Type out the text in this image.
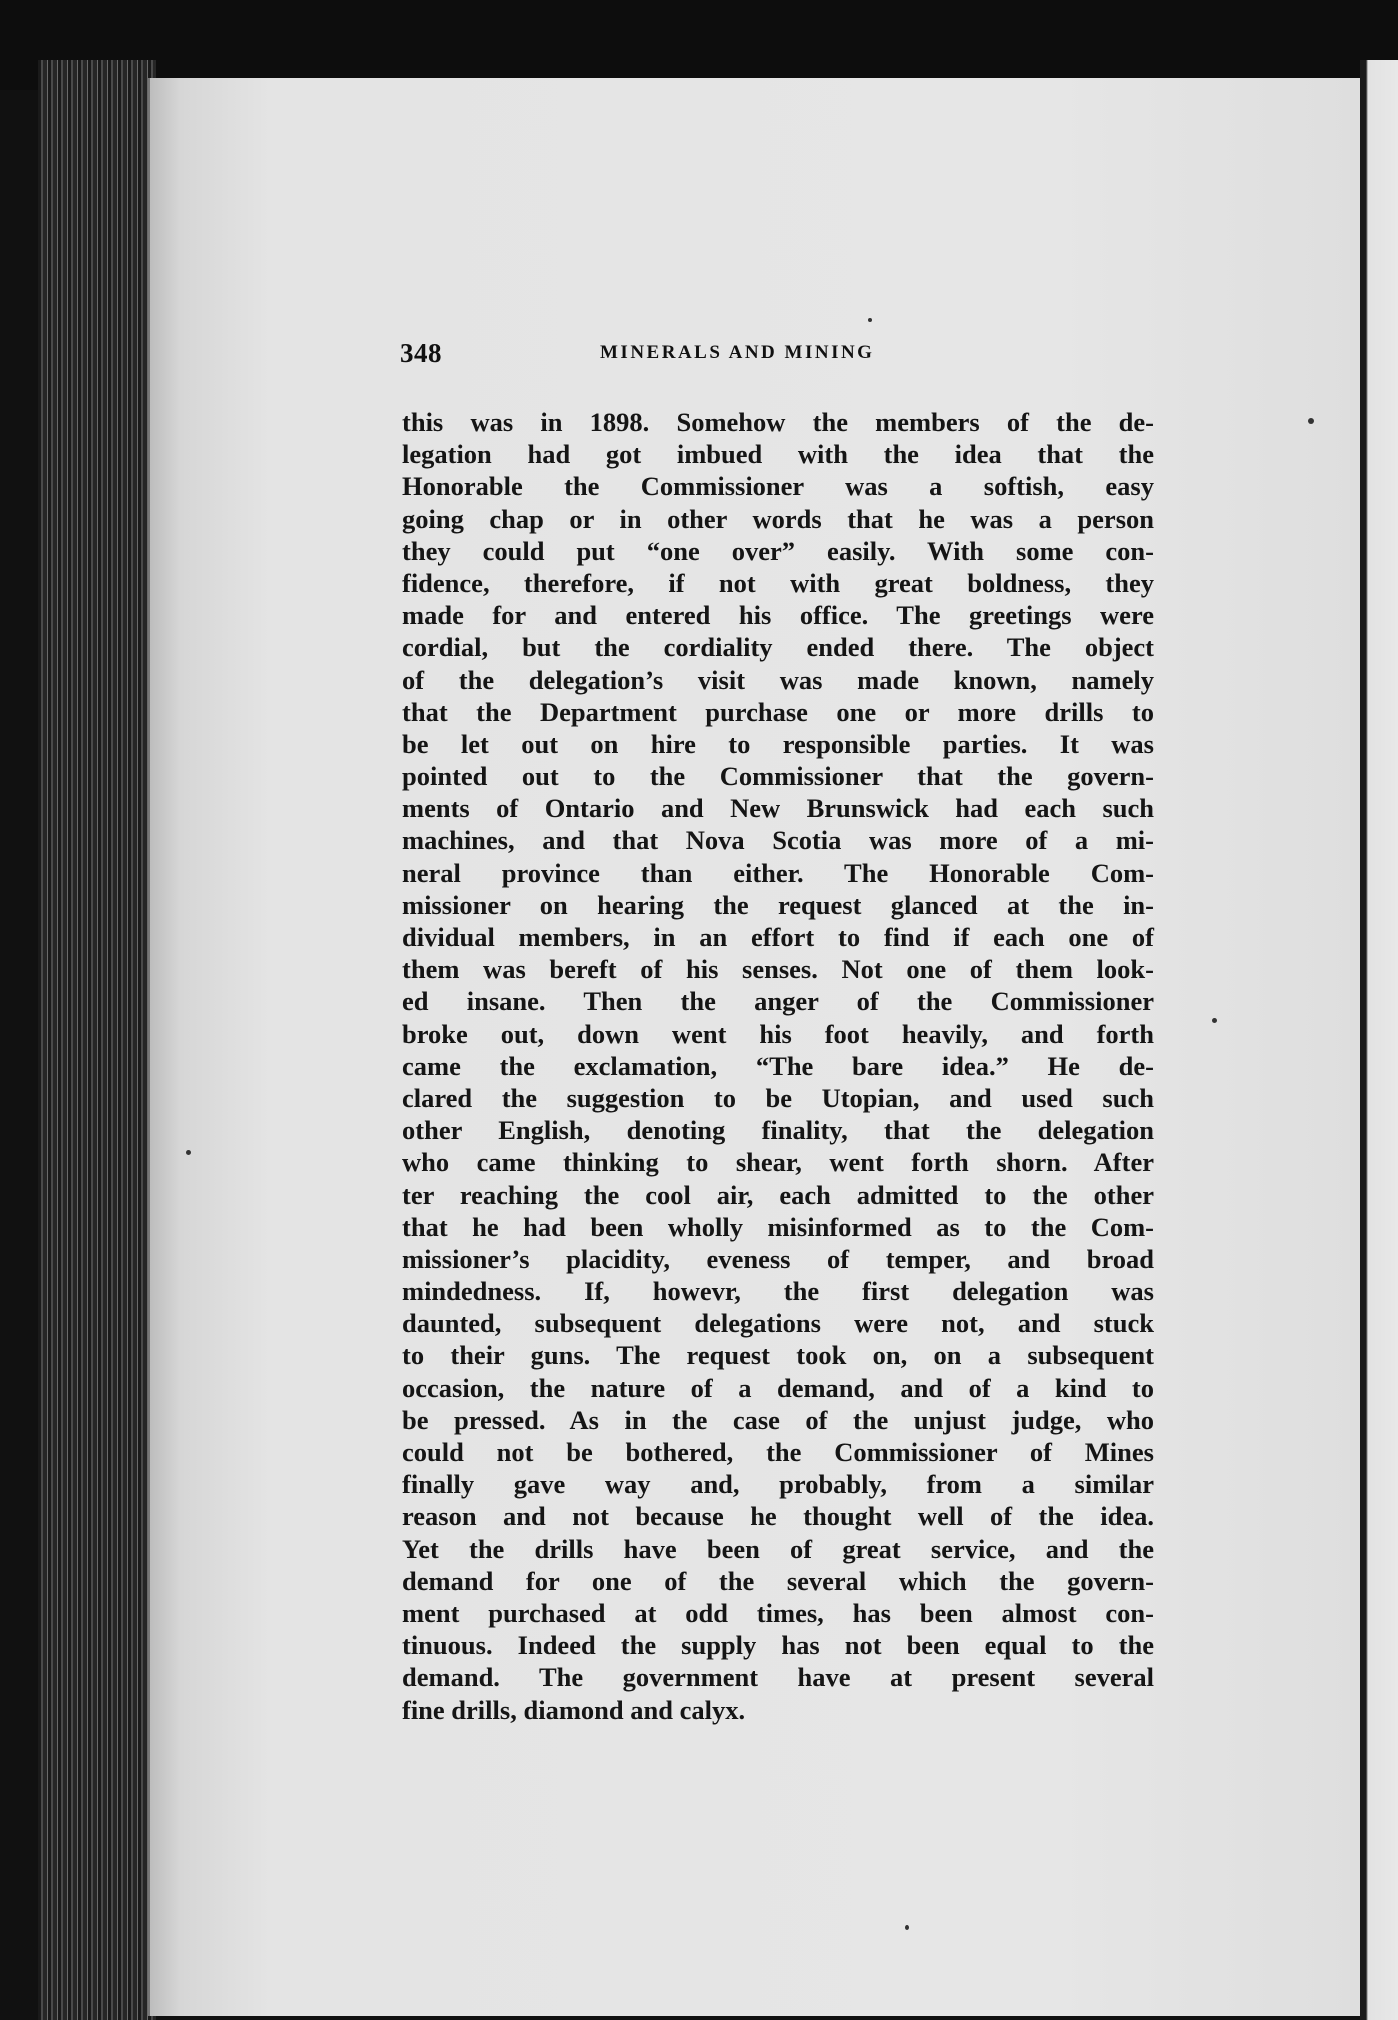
348	MINERALS AND MINING
this was in 1898. Somehow the members of the de-
legation had got imbued with the idea that the
Honorable the Commissioner was a softish, easy
going chap or in other words that he was a person
they could put “one over” easily. With some con-
fidence, therefore, if not with great boldness, they
made for and entered his office. The greetings were
cordial, but the cordiality ended there. The object
of the delegation’s visit was made known, namely
that the Department purchase one or more drills to
be let out on hire to responsible parties. It was
pointed out to the Commissioner that the govern-
ments of Ontario and New Brunswick had each such
machines, and that Nova Scotia was more of a mi-
neral province than either. The Honorable Com-
missioner on hearing the request glanced at the in-
dividual members, in an effort to find if each one of
them was bereft of his senses. Not one of them look-
ed insane. Then the anger of the Commissioner
broke out, down went his foot heavily, and forth
came the exclamation, “The bare idea.” He de-
clared the suggestion to be Utopian, and used such
other English, denoting finality, that the delegation
who came thinking to shear, went forth shorn. After
ter reaching the cool air, each admitted to the other
that he had been wholly misinformed as to the Com-
missioner’s placidity, eveness of temper, and broad
mindedness. If, howevr, the first delegation was
daunted, subsequent delegations were not, and stuck
to their guns. The request took on, on a subsequent
occasion, the nature of a demand, and of a kind to
be pressed. As in the case of the unjust judge, who
could not be bothered, the Commissioner of Mines
finally gave way and, probably, from a similar
reason and not because he thought well of the idea.
Yet the drills have been of great service, and the
demand for one of the several which the govern-
ment purchased at odd times, has been almost con-
tinuous. Indeed the supply has not been equal to the
demand. The government have at present several
fine drills, diamond and calyx.
